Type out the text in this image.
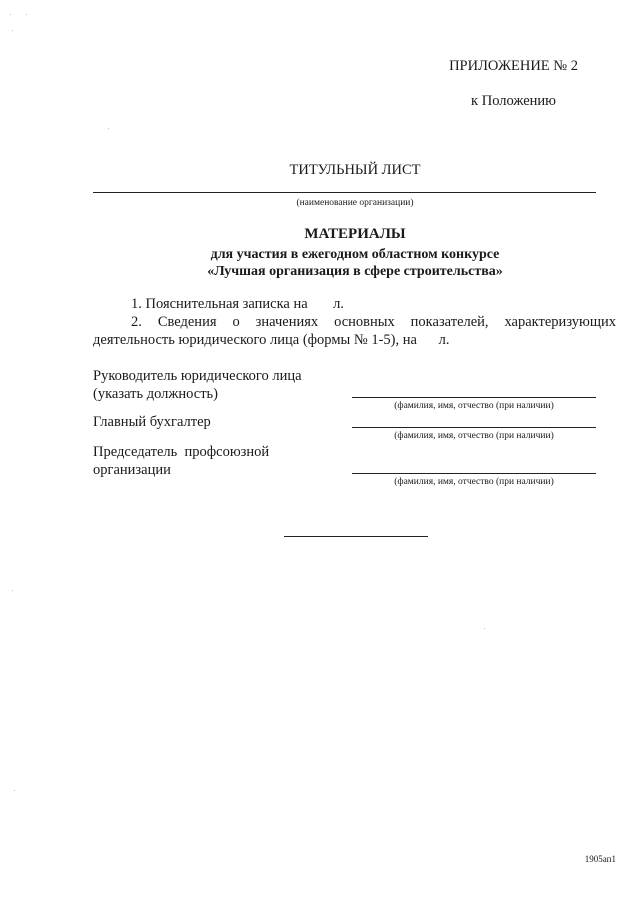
ПРИЛОЖЕНИЕ № 2
к Положению
ТИТУЛЬНЫЙ ЛИСТ
(наименование организации)
МАТЕРИАЛЫ
для участия в ежегодном областном конкурсе
«Лучшая организация в сфере строительства»
1. Пояснительная записка на       л.
2. Сведения о значениях основных показателей, характеризующих
деятельность юридического лица (формы № 1-5), на      л.
Руководитель юридического лица (указать должность)
(фамилия, имя, отчество (при наличии)
Главный бухгалтер
(фамилия, имя, отчество (при наличии)
Председатель  профсоюзной организации
(фамилия, имя, отчество (при наличии)
1905ап1
